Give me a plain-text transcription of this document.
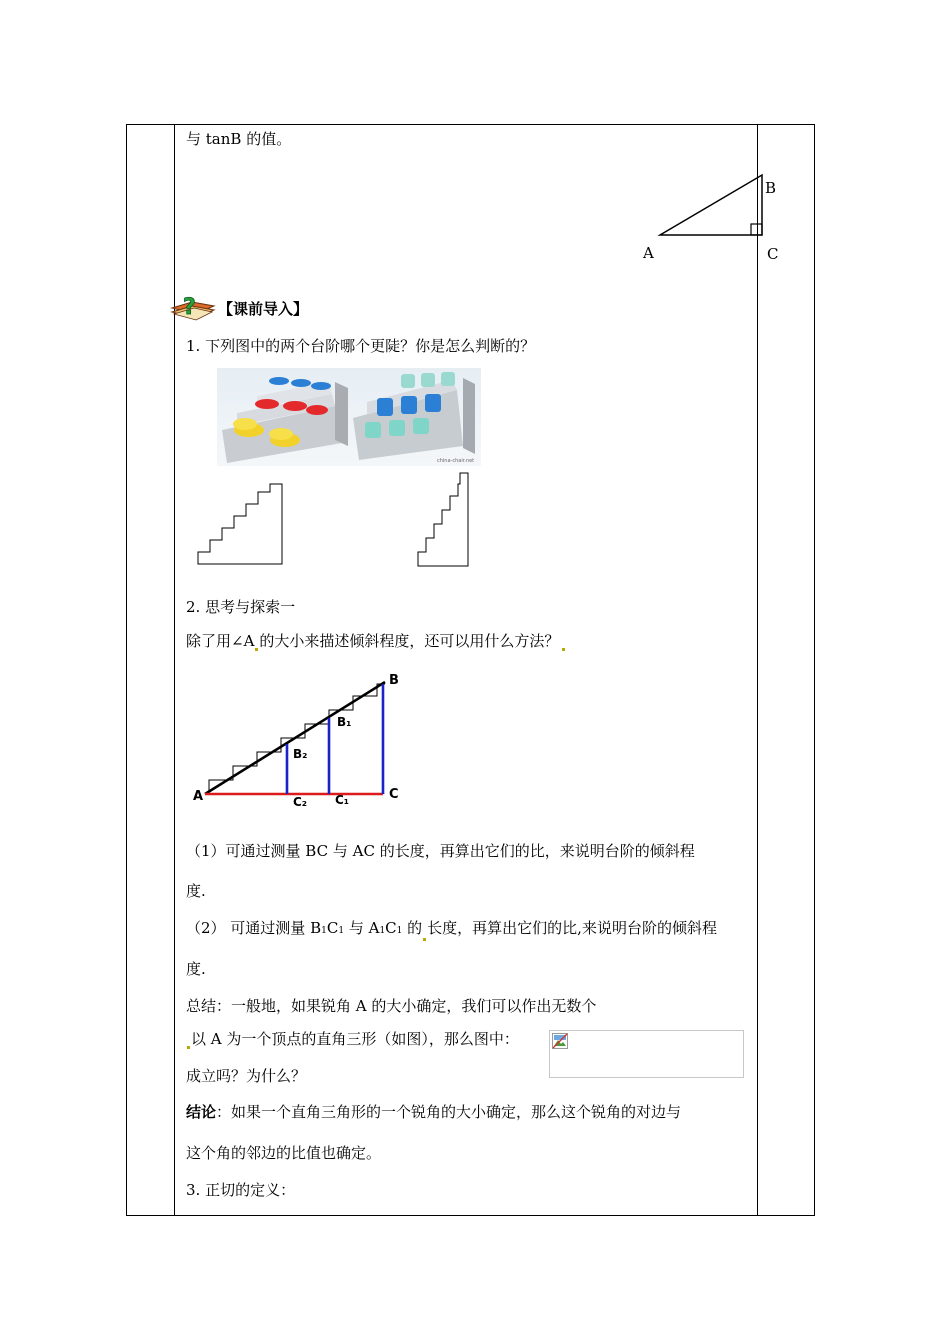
与 tanB 的值。
A
B
C
? 【课前导入】
1. 下列图中的两个台阶哪个更陡？你是怎么判断的？
china-chair.net
2. 思考与探索一
除了用∠A 的大小来描述倾斜程度，还可以用什么方法？
A
B
B₁
B₂
C
C₁
C₂
（1）可通过测量 BC 与 AC 的长度，再算出它们的比，来说明台阶的倾斜程
度.
（2） 可通过测量 B1C1 与 A1C1 的 长度，再算出它们的比,来说明台阶的倾斜程
度.
总结：一般地，如果锐角 A 的大小确定，我们可以作出无数个
以 A 为一个顶点的直角三形（如图），那么图中：
成立吗？为什么？
结论：如果一个直角三角形的一个锐角的大小确定，那么这个锐角的对边与
这个角的邻边的比值也确定。
3. 正切的定义：
